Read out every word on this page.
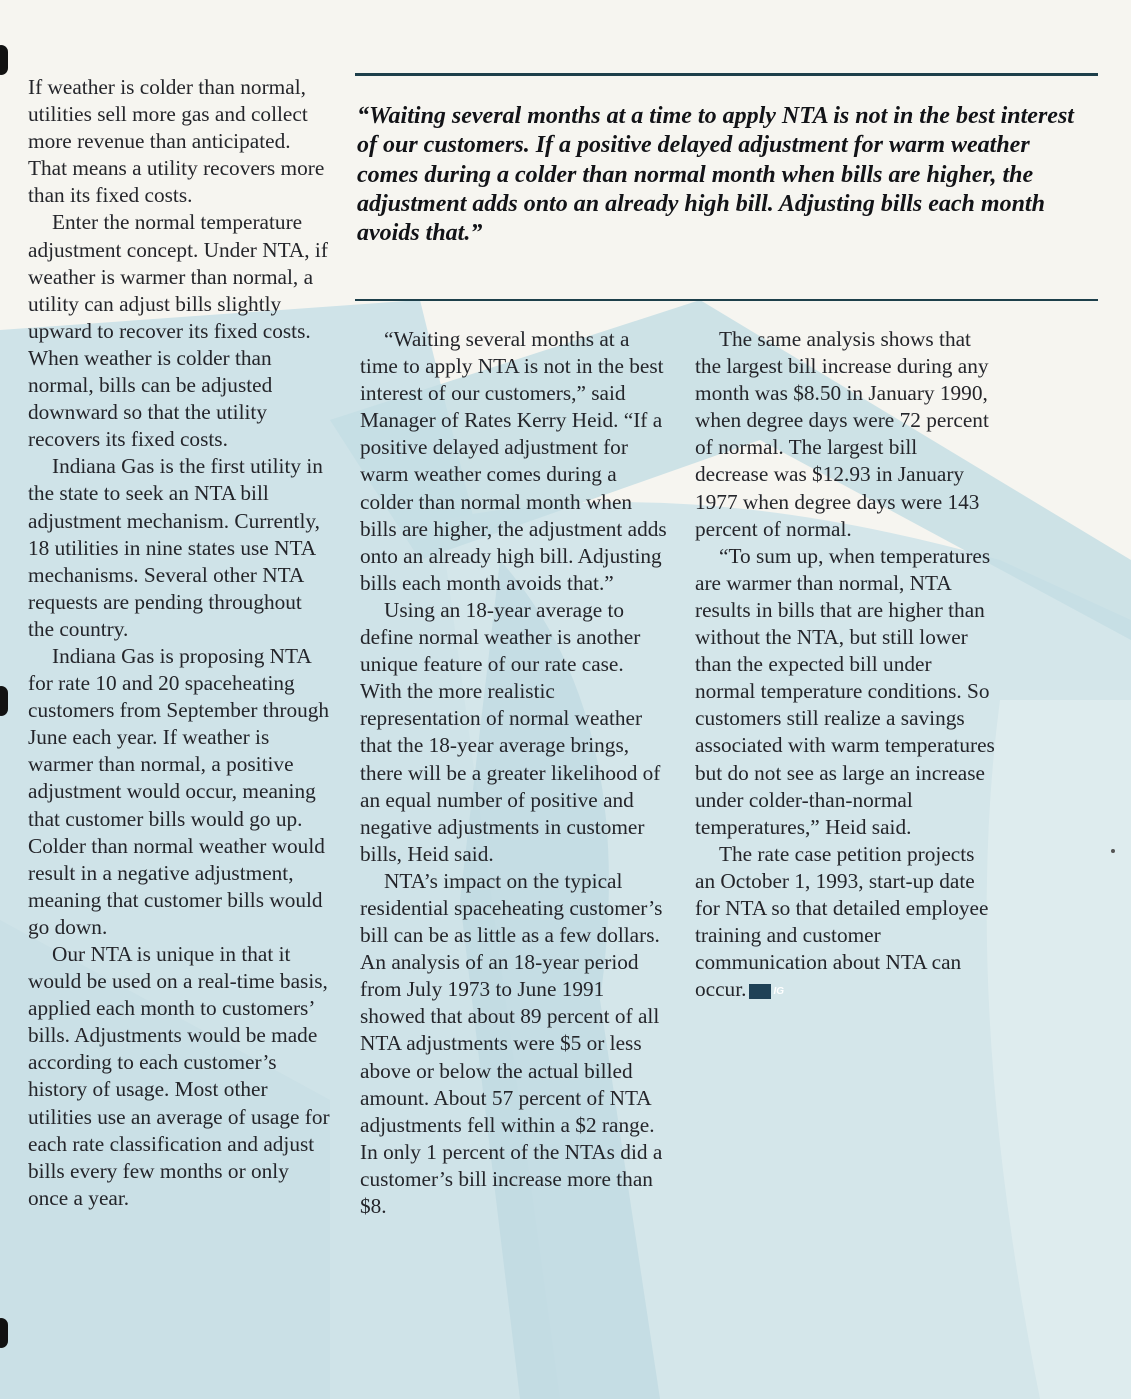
“Waiting several months at a time to apply NTA is not in the best interest of our customers. If a positive delayed adjustment for warm weather comes during a colder than normal month when bills are higher, the adjustment adds onto an already high bill. Adjusting bills each month avoids that.”

If weather is colder than normal, utilities sell more gas and collect more revenue than anticipated. That means a utility recovers more than its fixed costs.

Enter the normal temperature adjustment concept. Under NTA, if weather is warmer than normal, a utility can adjust bills slightly upward to recover its fixed costs. When weather is colder than normal, bills can be adjusted downward so that the utility recovers its fixed costs.

Indiana Gas is the first utility in the state to seek an NTA bill adjustment mechanism. Currently, 18 utilities in nine states use NTA mechanisms. Several other NTA requests are pending throughout the country.

Indiana Gas is proposing NTA for rate 10 and 20 spaceheating customers from September through June each year. If weather is warmer than normal, a positive adjustment would occur, meaning that customer bills would go up. Colder than normal weather would result in a negative adjustment, meaning that customer bills would go down.

Our NTA is unique in that it would be used on a real-time basis, applied each month to customers’ bills. Adjustments would be made according to each customer’s history of usage. Most other utilities use an average of usage for each rate classification and adjust bills every few months or only once a year.

“Waiting several months at a time to apply NTA is not in the best interest of our customers,” said Manager of Rates Kerry Heid. “If a positive delayed adjustment for warm weather comes during a colder than normal month when bills are higher, the adjustment adds onto an already high bill. Adjusting bills each month avoids that.”

Using an 18-year average to define normal weather is another unique feature of our rate case. With the more realistic representation of normal weather that the 18-year average brings, there will be a greater likelihood of an equal number of positive and negative adjustments in customer bills, Heid said.

NTA’s impact on the typical residential spaceheating customer’s bill can be as little as a few dollars. An analysis of an 18-year period from July 1973 to June 1991 showed that about 89 percent of all NTA adjustments were $5 or less above or below the actual billed amount. About 57 percent of NTA adjustments fell within a $2 range. In only 1 percent of the NTAs did a customer’s bill increase more than $8.

The same analysis shows that the largest bill increase during any month was $8.50 in January 1990, when degree days were 72 percent of normal. The largest bill decrease was $12.93 in January 1977 when degree days were 143 percent of normal.

“To sum up, when temperatures are warmer than normal, NTA results in bills that are higher than without the NTA, but still lower than the expected bill under normal temperature conditions. So customers still realize a savings associated with warm temperatures but do not see as large an increase under colder-than-normal temperatures,” Heid said.

The rate case petition projects an October 1, 1993, start-up date for NTA so that detailed employee training and customer communication about NTA can occur.	IG
